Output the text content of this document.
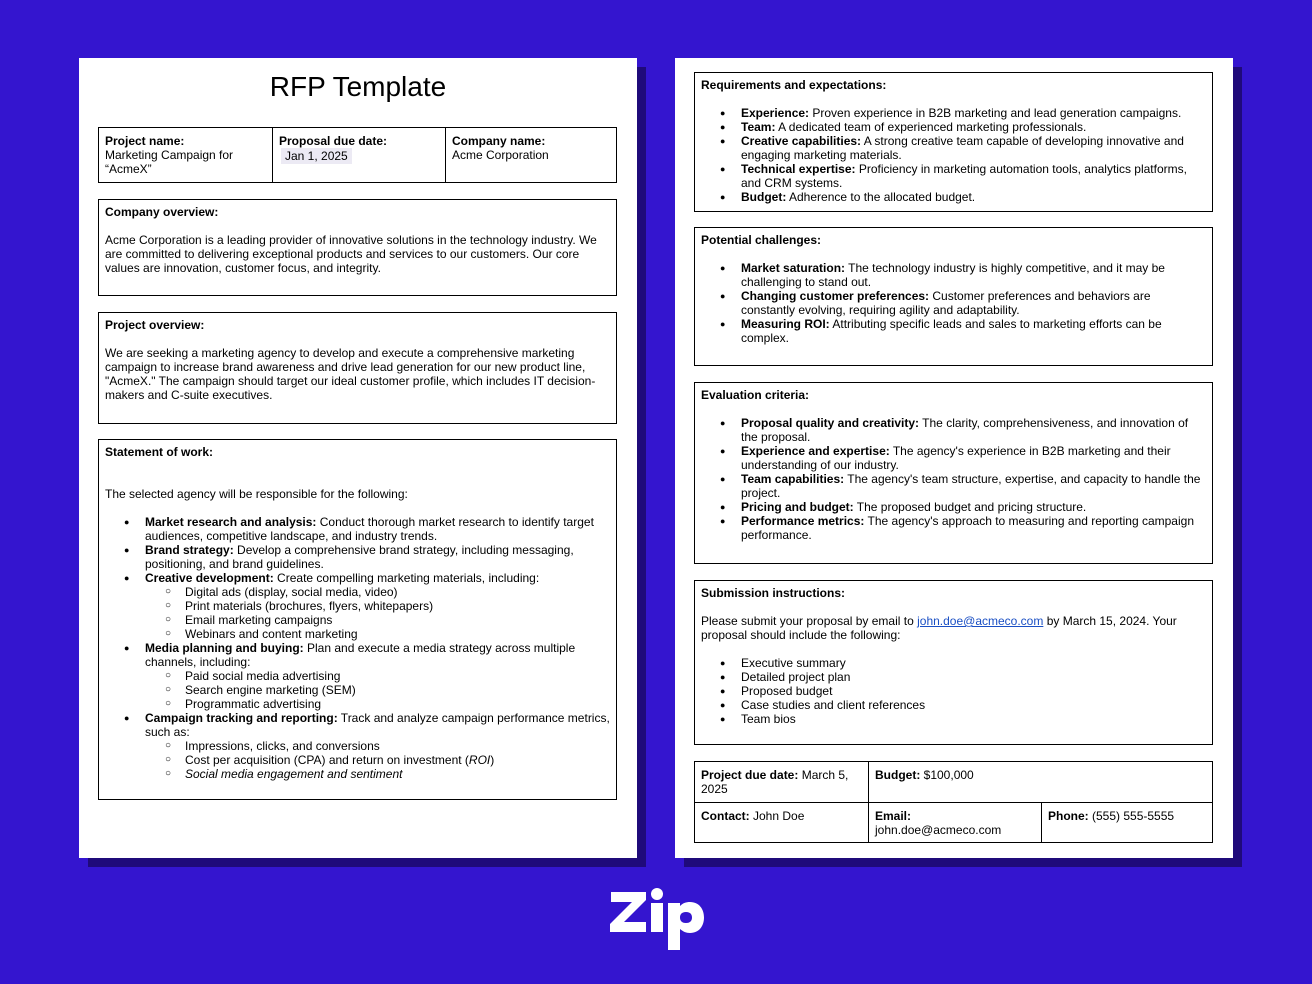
RFP Template
Project name:
Marketing Campaign for “AcmeX”
Proposal due date:
Jan 1, 2025
Company name:
Acme Corporation

Company overview:

Acme Corporation is a leading provider of innovative solutions in the technology industry. We are committed to delivering exceptional products and services to our customers. Our core values are innovation, customer focus, and integrity.

Project overview:

We are seeking a marketing agency to develop and execute a comprehensive marketing campaign to increase brand awareness and drive lead generation for our new product line, "AcmeX." The campaign should target our ideal customer profile, which includes IT decision-makers and C-suite executives.

Statement of work:

The selected agency will be responsible for the following:

● Market research and analysis: Conduct thorough market research to identify target audiences, competitive landscape, and industry trends.
● Brand strategy: Develop a comprehensive brand strategy, including messaging, positioning, and brand guidelines.
● Creative development: Create compelling marketing materials, including:
○ Digital ads (display, social media, video)
○ Print materials (brochures, flyers, whitepapers)
○ Email marketing campaigns
○ Webinars and content marketing
● Media planning and buying: Plan and execute a media strategy across multiple channels, including:
○ Paid social media advertising
○ Search engine marketing (SEM)
○ Programmatic advertising
● Campaign tracking and reporting: Track and analyze campaign performance metrics, such as:
○ Impressions, clicks, and conversions
○ Cost per acquisition (CPA) and return on investment (ROI)
○ Social media engagement and sentiment

Requirements and expectations:

● Experience: Proven experience in B2B marketing and lead generation campaigns.
● Team: A dedicated team of experienced marketing professionals.
● Creative capabilities: A strong creative team capable of developing innovative and engaging marketing materials.
● Technical expertise: Proficiency in marketing automation tools, analytics platforms, and CRM systems.
● Budget: Adherence to the allocated budget.

Potential challenges:

● Market saturation: The technology industry is highly competitive, and it may be challenging to stand out.
● Changing customer preferences: Customer preferences and behaviors are constantly evolving, requiring agility and adaptability.
● Measuring ROI: Attributing specific leads and sales to marketing efforts can be complex.

Evaluation criteria:

● Proposal quality and creativity: The clarity, comprehensiveness, and innovation of the proposal.
● Experience and expertise: The agency's experience in B2B marketing and their understanding of our industry.
● Team capabilities: The agency's team structure, expertise, and capacity to handle the project.
● Pricing and budget: The proposed budget and pricing structure.
● Performance metrics: The agency's approach to measuring and reporting campaign performance.

Submission instructions:

Please submit your proposal by email to john.doe@acmeco.com by March 15, 2024. Your proposal should include the following:

● Executive summary
● Detailed project plan
● Proposed budget
● Case studies and client references
● Team bios
Project due date: March 5, 2025
Budget: $100,000
Contact: John Doe	Email:
john.doe@acmeco.com
Phone: (555) 555-5555
